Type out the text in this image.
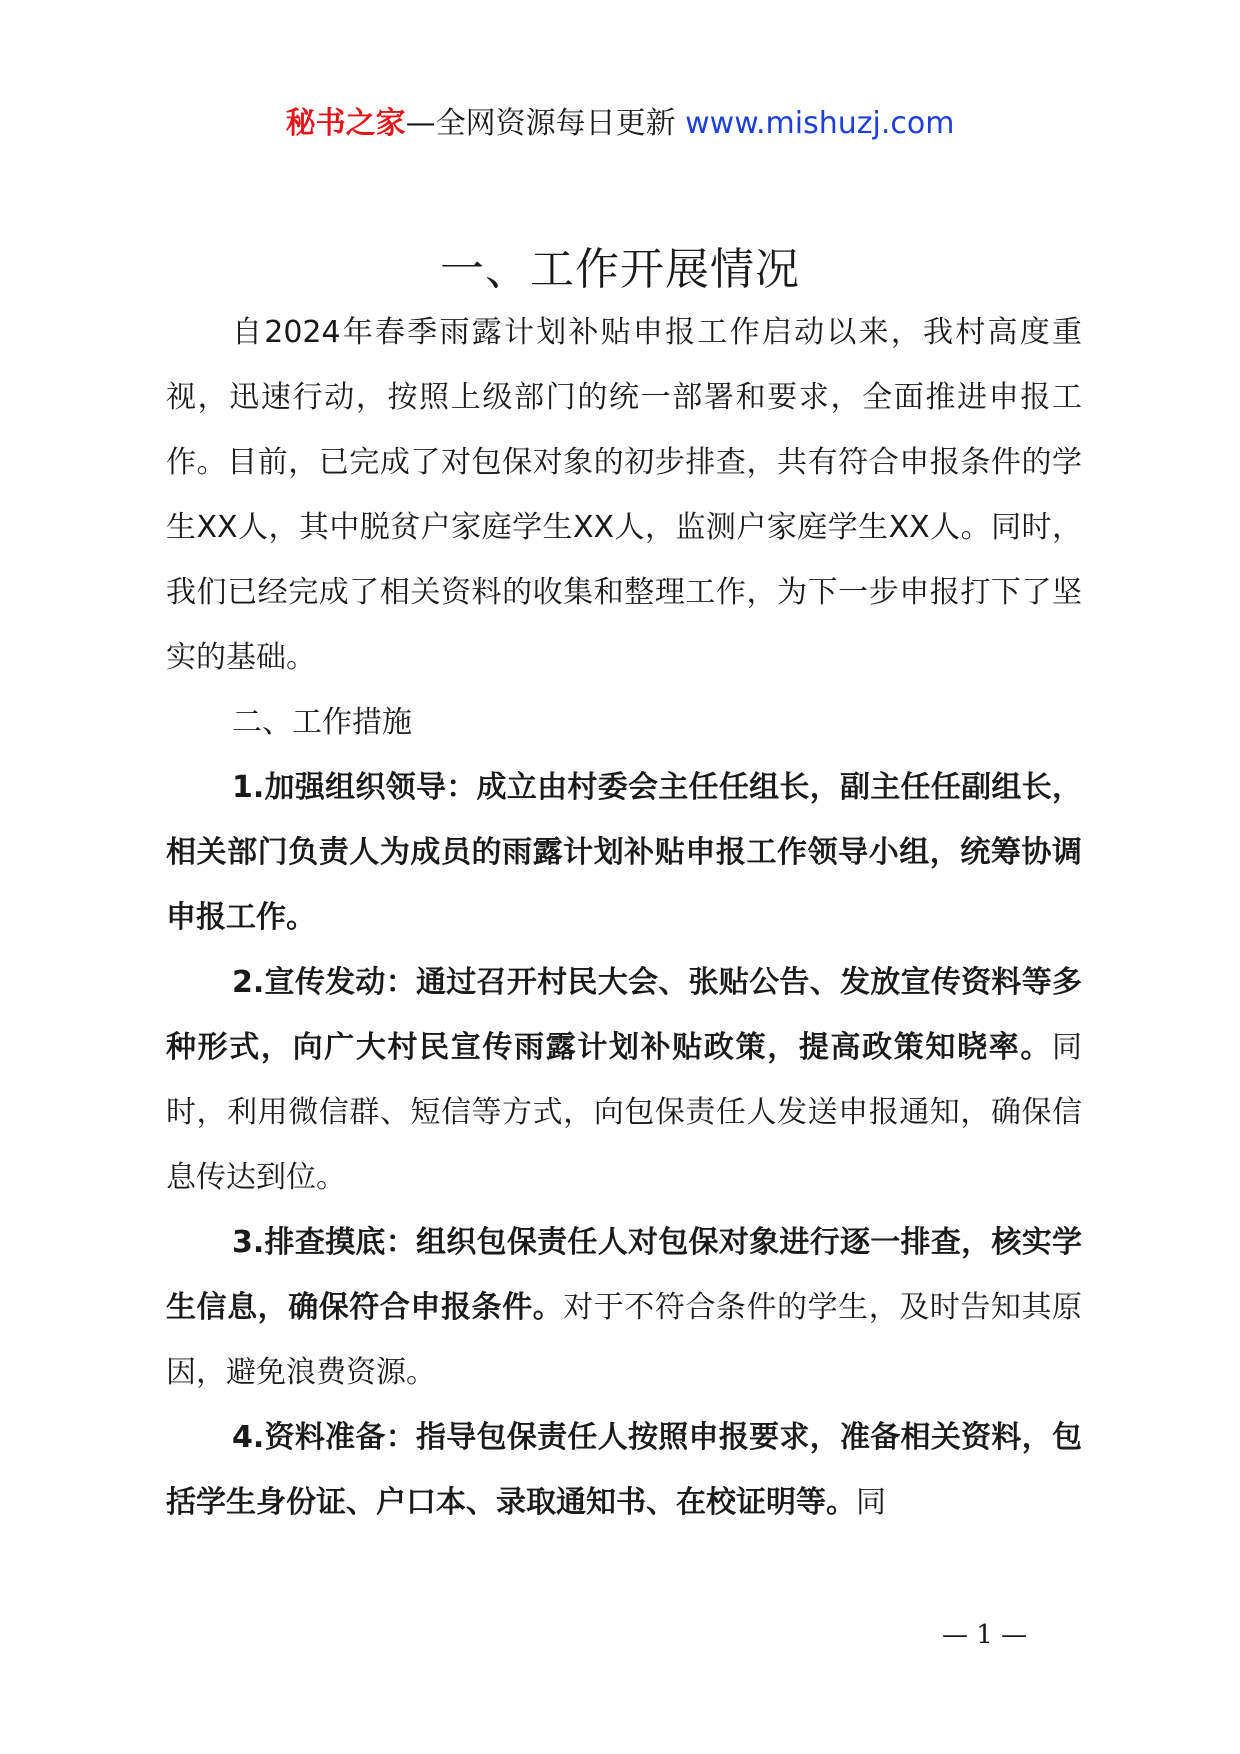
秘书之家—全网资源每日更新 www.mishuzj.com
一、工作开展情况

自2024年春季雨露计划补贴申报工作启动以来，我村高度重视，迅速行动，按照上级部门的统一部署和要求，全面推进申报工作。目前，已完成了对包保对象的初步排查，共有符合申报条件的学生XX人，其中脱贫户家庭学生XX人，监测户家庭学生XX人。同时，我们已经完成了相关资料的收集和整理工作，为下一步申报打下了坚实的基础。

二、工作措施

1.加强组织领导：成立由村委会主任任组长，副主任任副组长，相关部门负责人为成员的雨露计划补贴申报工作领导小组，统筹协调申报工作。

2.宣传发动：通过召开村民大会、张贴公告、发放宣传资料等多种形式，向广大村民宣传雨露计划补贴政策，提高政策知晓率。同时，利用微信群、短信等方式，向包保责任人发送申报通知，确保信息传达到位。

3.排查摸底：组织包保责任人对包保对象进行逐一排查，核实学生信息，确保符合申报条件。对于不符合条件的学生，及时告知其原因，避免浪费资源。

4.资料准备：指导包保责任人按照申报要求，准备相关资料，包括学生身份证、户口本、录取通知书、在校证明等。同

— 1 —
